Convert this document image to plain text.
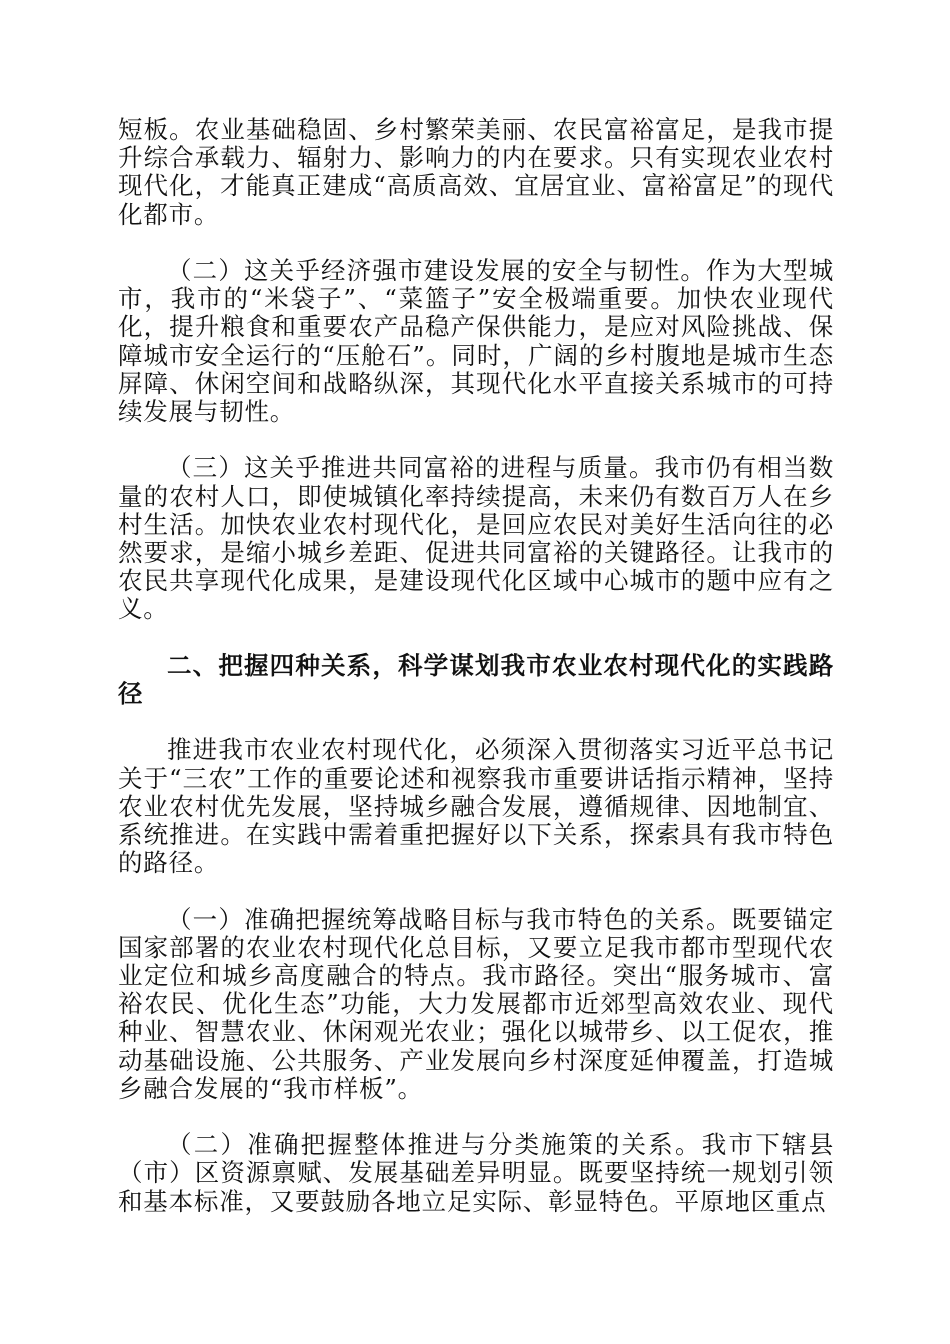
短板。农业基础稳固、乡村繁荣美丽、农民富裕富足，是我市提升综合承载力、辐射力、影响力的内在要求。只有实现农业农村现代化，才能真正建成“高质高效、宜居宜业、富裕富足”的现代化都市。

（二）这关乎经济强市建设发展的安全与韧性。作为大型城市，我市的“米袋子”、“菜篮子”安全极端重要。加快农业现代化，提升粮食和重要农产品稳产保供能力，是应对风险挑战、保障城市安全运行的“压舱石”。同时，广阔的乡村腹地是城市生态屏障、休闲空间和战略纵深，其现代化水平直接关系城市的可持续发展与韧性。

（三）这关乎推进共同富裕的进程与质量。我市仍有相当数量的农村人口，即使城镇化率持续提高，未来仍有数百万人在乡村生活。加快农业农村现代化，是回应农民对美好生活向往的必然要求，是缩小城乡差距、促进共同富裕的关键路径。让我市的农民共享现代化成果，是建设现代化区域中心城市的题中应有之义。

二、把握四种关系，科学谋划我市农业农村现代化的实践路径

推进我市农业农村现代化，必须深入贯彻落实习近平总书记关于“三农”工作的重要论述和视察我市重要讲话指示精神，坚持农业农村优先发展，坚持城乡融合发展，遵循规律、因地制宜、系统推进。在实践中需着重把握好以下关系，探索具有我市特色的路径。

（一）准确把握统筹战略目标与我市特色的关系。既要锚定国家部署的农业农村现代化总目标，又要立足我市都市型现代农业定位和城乡高度融合的特点。我市路径。突出“服务城市、富裕农民、优化生态”功能，大力发展都市近郊型高效农业、现代种业、智慧农业、休闲观光农业；强化以城带乡、以工促农，推动基础设施、公共服务、产业发展向乡村深度延伸覆盖，打造城乡融合发展的“我市样板”。

（二）准确把握整体推进与分类施策的关系。我市下辖县（市）区资源禀赋、发展基础差异明显。既要坚持统一规划引领和基本标准，又要鼓励各地立足实际、彰显特色。平原地区重点
